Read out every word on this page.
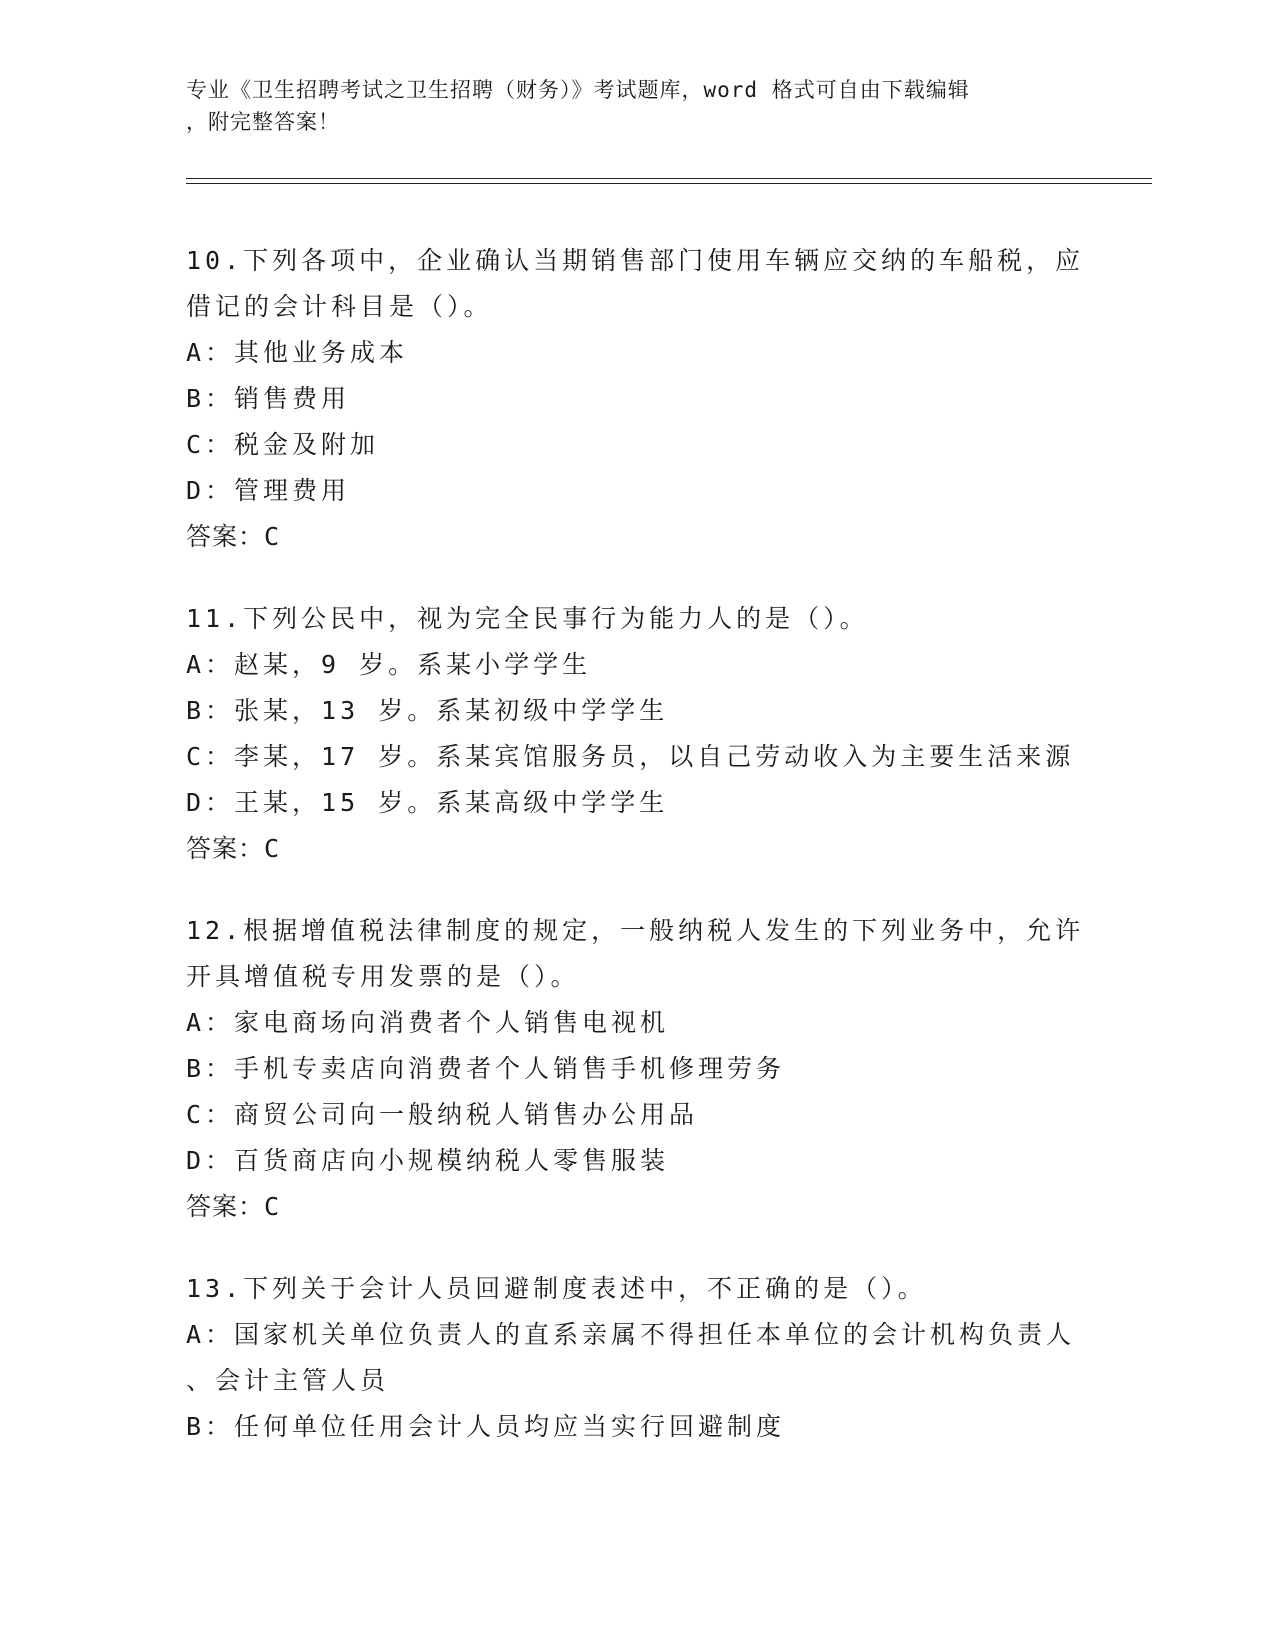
专业《卫生招聘考试之卫生招聘（财务）》考试题库，word 格式可自由下载编辑
，附完整答案！
10.下列各项中，企业确认当期销售部门使用车辆应交纳的车船税，应
借记的会计科目是（）。
A：其他业务成本
B：销售费用
C：税金及附加
D：管理费用
答案：C
11.下列公民中，视为完全民事行为能力人的是（）。
A：赵某，9 岁。系某小学学生
B：张某，13 岁。系某初级中学学生
C：李某，17 岁。系某宾馆服务员，以自己劳动收入为主要生活来源
D：王某，15 岁。系某高级中学学生
答案：C
12.根据增值税法律制度的规定，一般纳税人发生的下列业务中，允许
开具增值税专用发票的是（）。
A：家电商场向消费者个人销售电视机
B：手机专卖店向消费者个人销售手机修理劳务
C：商贸公司向一般纳税人销售办公用品
D：百货商店向小规模纳税人零售服装
答案：C
13.下列关于会计人员回避制度表述中，不正确的是（）。
A：国家机关单位负责人的直系亲属不得担任本单位的会计机构负责人
、会计主管人员
B：任何单位任用会计人员均应当实行回避制度
